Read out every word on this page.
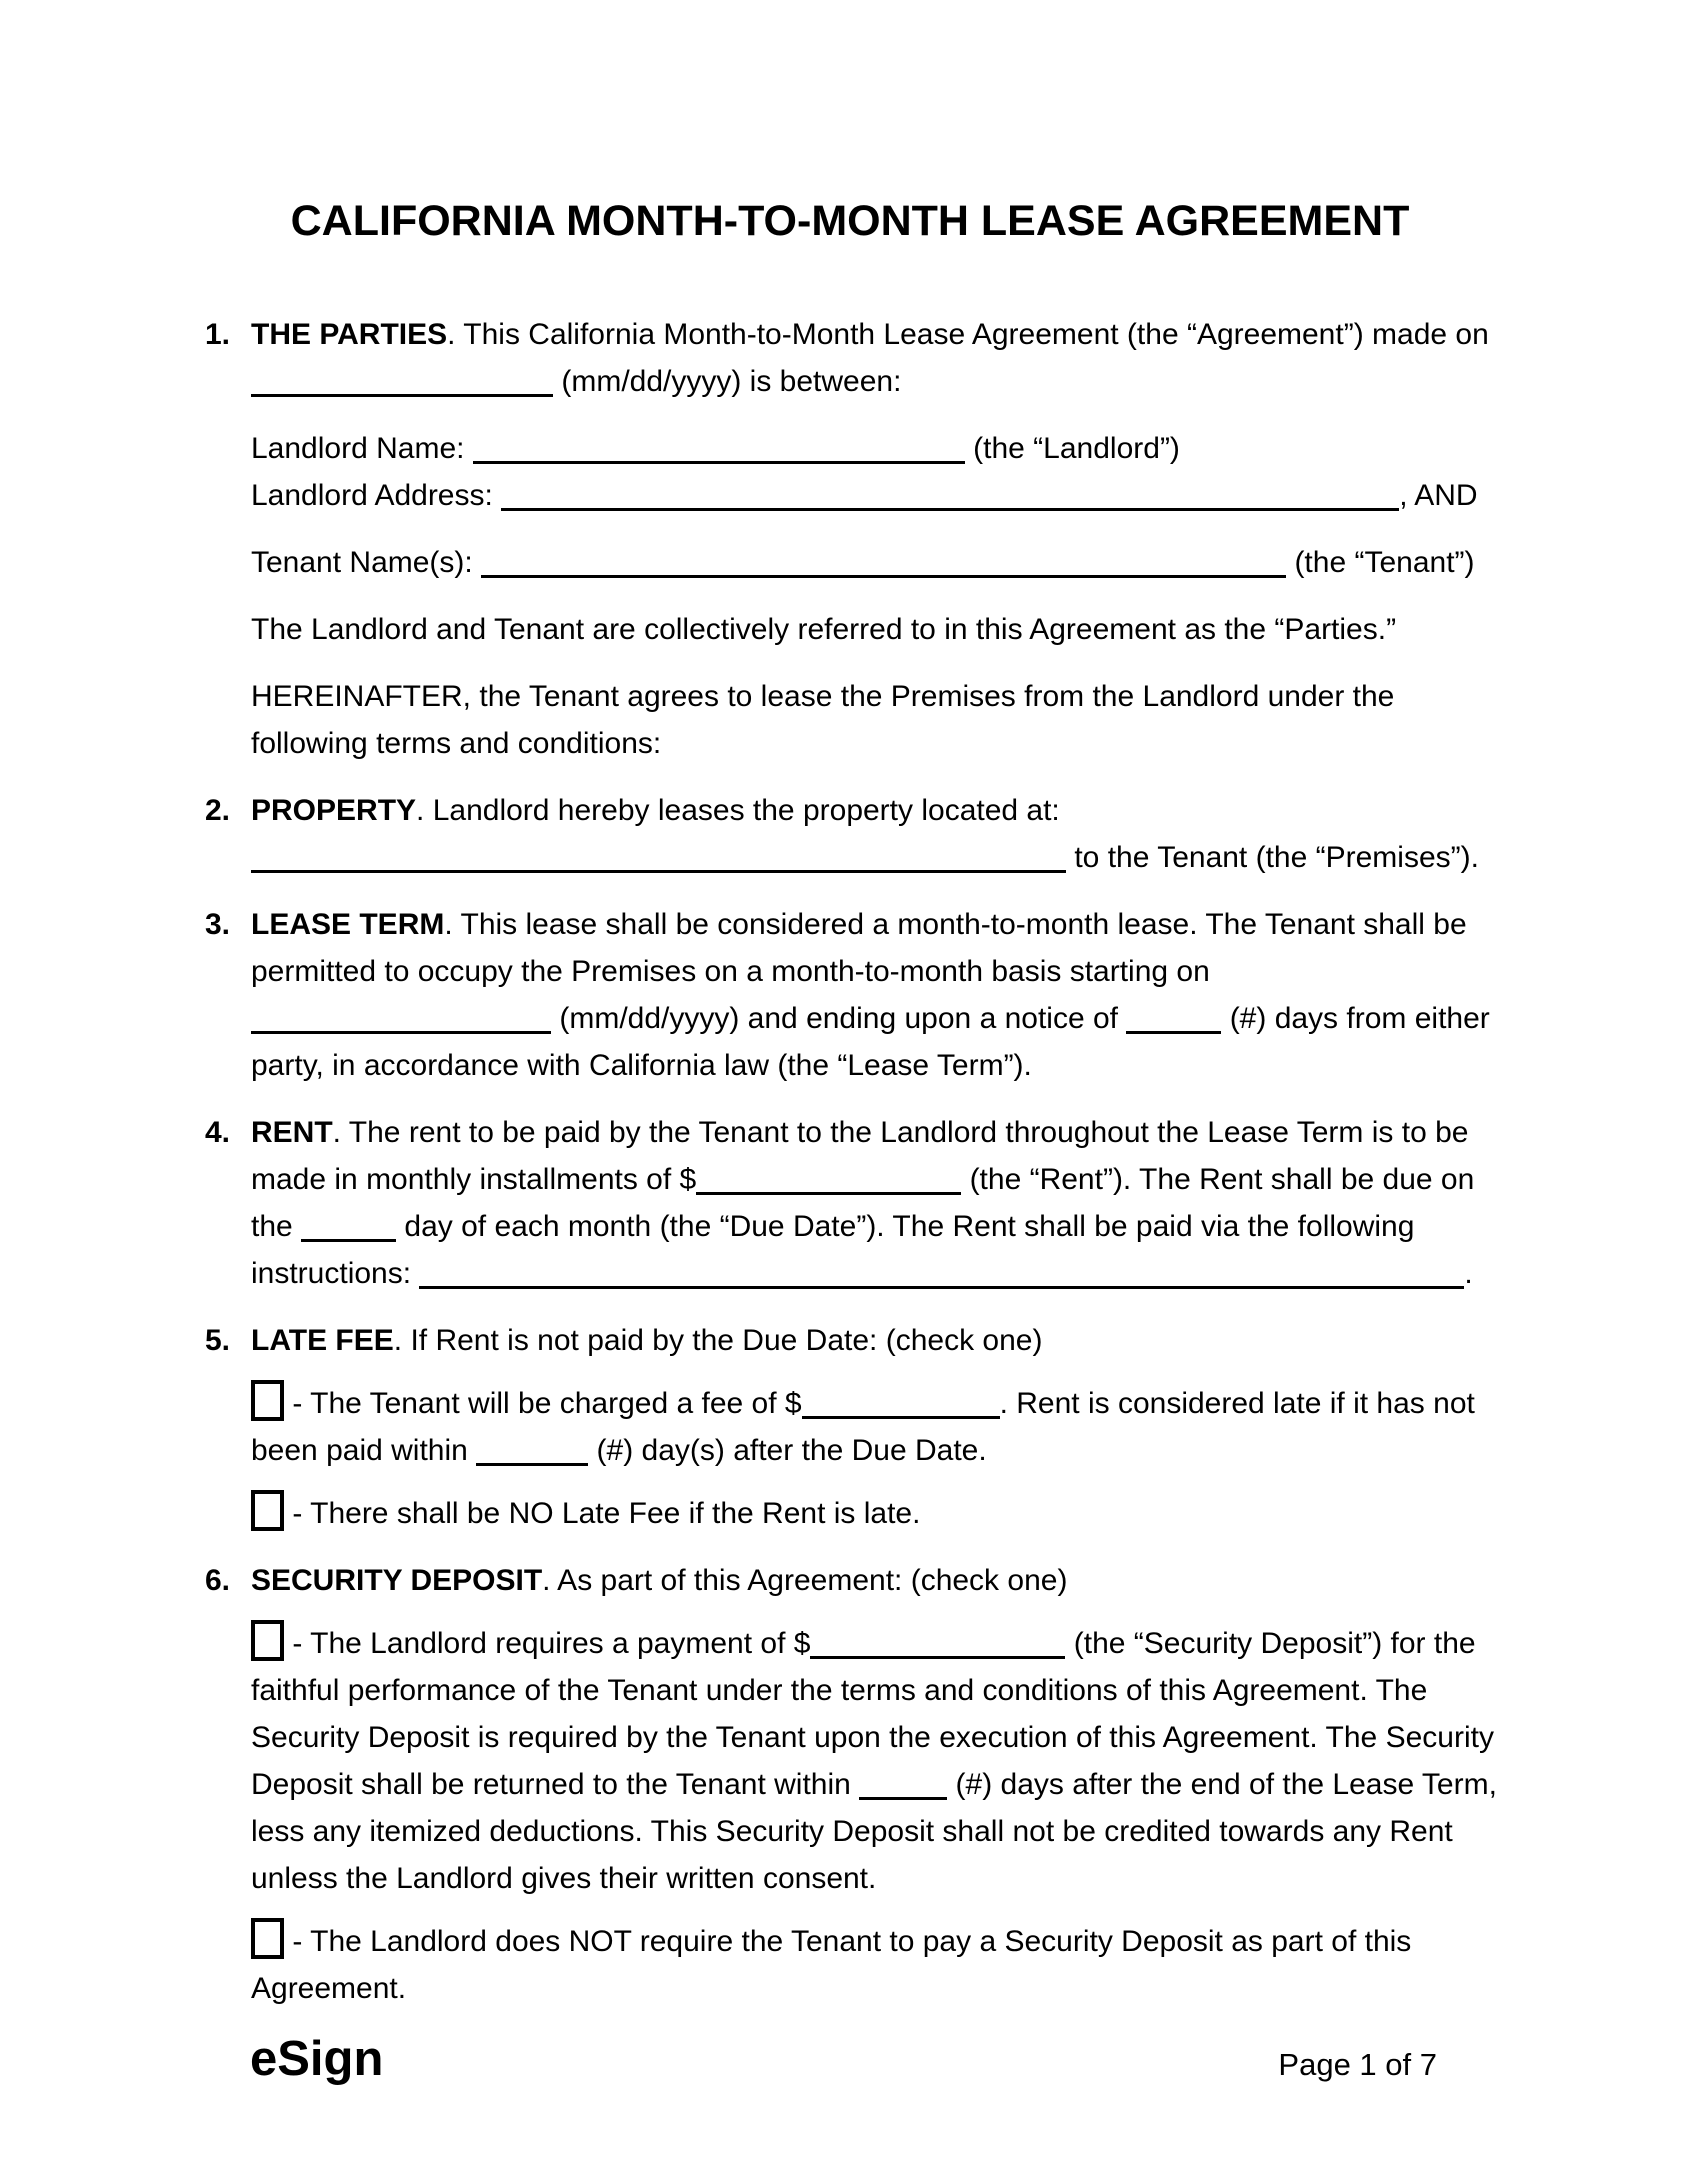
CALIFORNIA MONTH-TO-MONTH LEASE AGREEMENT
1. THE PARTIES. This California Month-to-Month Lease Agreement (the “Agreement”) made on  (mm/dd/yyyy) is between:
Landlord Name:	(the “Landlord”)
Landlord Address:	, AND
Tenant Name(s):	(the “Tenant”)
The Landlord and Tenant are collectively referred to in this Agreement as the “Parties.”
HEREINAFTER, the Tenant agrees to lease the Premises from the Landlord under the following terms and conditions:
2. PROPERTY. Landlord hereby leases the property located at:  to the Tenant (the “Premises”).
3. LEASE TERM. This lease shall be considered a month-to-month lease. The Tenant shall be permitted to occupy the Premises on a month-to-month basis starting on  (mm/dd/yyyy) and ending upon a notice of	(#) days from either party, in accordance with California law (the “Lease Term”).
4. RENT. The rent to be paid by the Tenant to the Landlord throughout the Lease Term is to be made in monthly installments of $	(the “Rent”). The Rent shall be due on the	day of each month (the “Due Date”). The Rent shall be paid via the following instructions:	.
5. LATE FEE. If Rent is not paid by the Due Date: (check one)
- The Tenant will be charged a fee of $	. Rent is considered late if it has not been paid within	(#) day(s) after the Due Date.
- There shall be NO Late Fee if the Rent is late.
6. SECURITY DEPOSIT. As part of this Agreement: (check one)
- The Landlord requires a payment of $	(the “Security Deposit”) for the faithful performance of the Tenant under the terms and conditions of this Agreement. The Security Deposit is required by the Tenant upon the execution of this Agreement. The Security Deposit shall be returned to the Tenant within	(#) days after the end of the Lease Term, less any itemized deductions. This Security Deposit shall not be credited towards any Rent unless the Landlord gives their written consent.
- The Landlord does NOT require the Tenant to pay a Security Deposit as part of this Agreement.
eSign	Page 1 of 7
